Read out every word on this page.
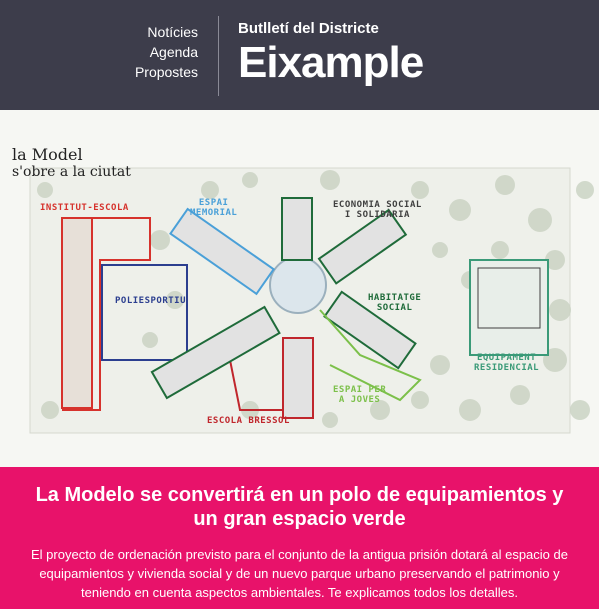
Notícies
Agenda
Propostes
Butlletí del Districte
Eixample
la Model
s'obre a la ciutat
INSTITUT-ESCOLA	ESPAI
MEMORIAL
ECONOMIA SOCIAL
I SOLIDÀRIA
POLIESPORTIU	HABITATGE
SOCIAL
EQUIPAMENT
RESIDENCIAL
ESPAI PER
A JOVES
ESCOLA BRESSOL
La Modelo se convertirá en un polo de equipamientos y un gran espacio verde

El proyecto de ordenación previsto para el conjunto de la antigua prisión dotará al espacio de equipamientos y vivienda social y de un nuevo parque urbano preservando el patrimonio y teniendo en cuenta aspectos ambientales. Te explicamos todos los detalles.
